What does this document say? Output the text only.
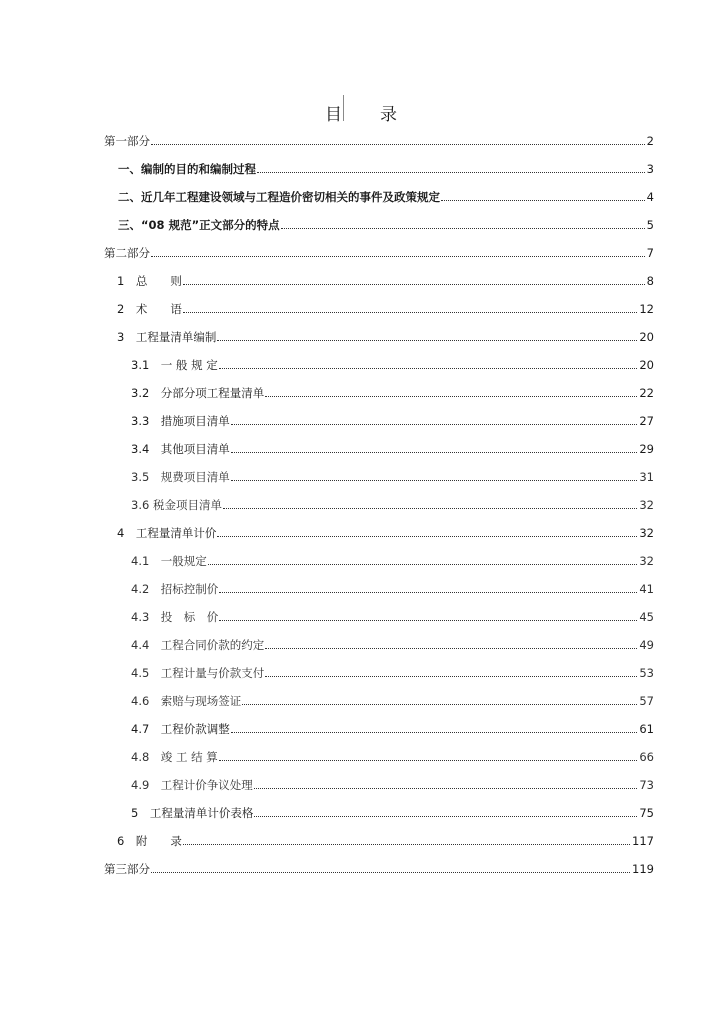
目 录
第一部分	2
一、编制的目的和编制过程	3
二、近几年工程建设领域与工程造价密切相关的事件及政策规定	4
三、“08 规范”正文部分的特点	5
第二部分	7
1　总　　则	8
2　术　　语	12
3　工程量清单编制	20
3.1　一 般 规 定	20
3.2　分部分项工程量清单	22
3.3　措施项目清单	27
3.4　其他项目清单	29
3.5　规费项目清单	31
3.6 税金项目清单	32
4　工程量清单计价	32
4.1　一般规定	32
4.2　招标控制价	41
4.3　投　标　价	45
4.4　工程合同价款的约定	49
4.5　工程计量与价款支付	53
4.6　索赔与现场签证	57
4.7　工程价款调整	61
4.8　竣 工 结 算	66
4.9　工程计价争议处理	73
5　工程量清单计价表格	75
6　附　　录	117
第三部分	119
